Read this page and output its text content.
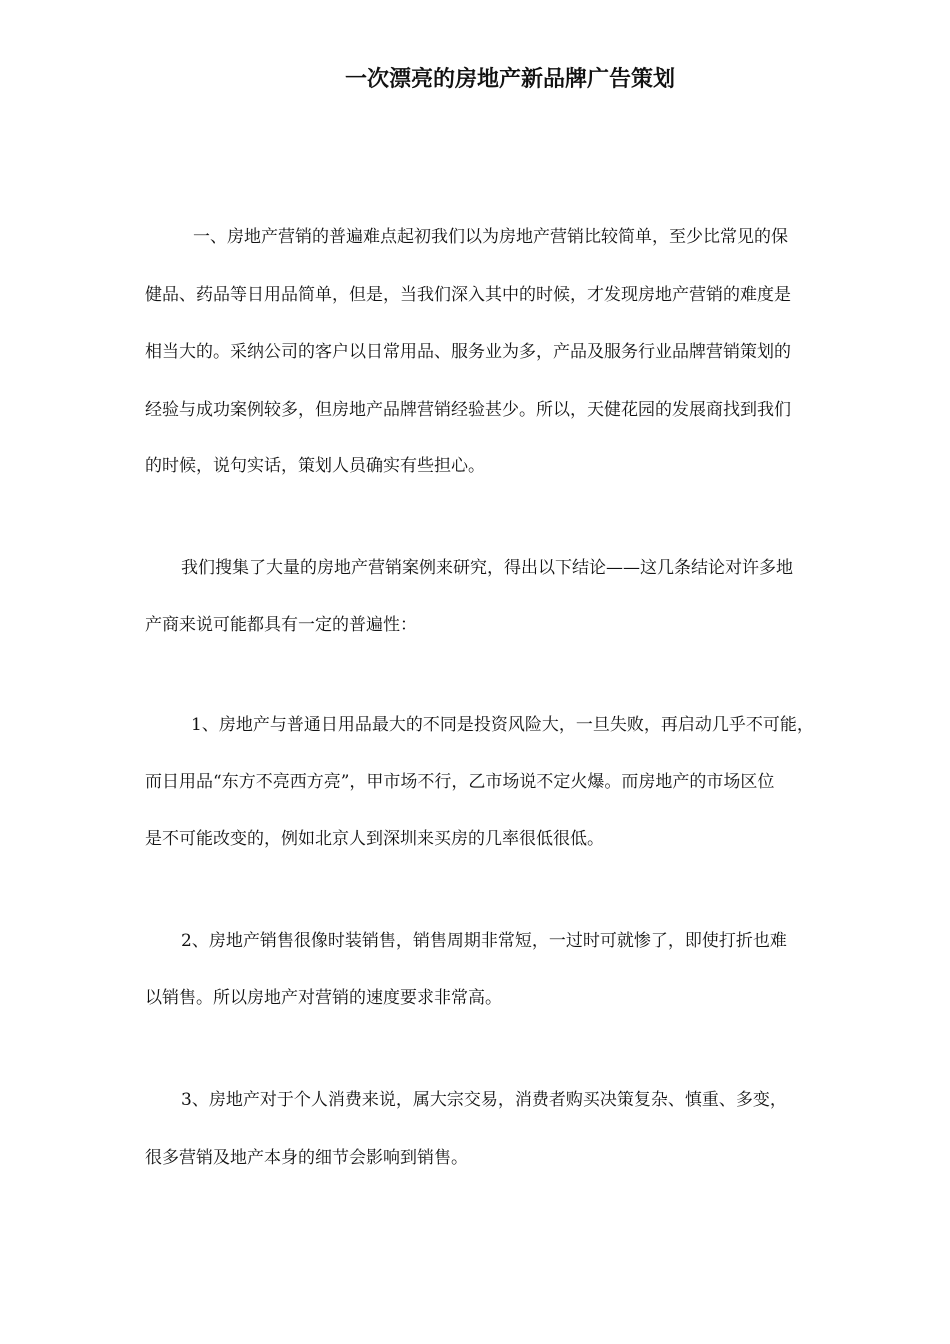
一次漂亮的房地产新品牌广告策划

一、房地产营销的普遍难点起初我们以为房地产营销比较简单，至少比常见的保

健品、药品等日用品简单，但是，当我们深入其中的时候，才发现房地产营销的难度是

相当大的。采纳公司的客户以日常用品、服务业为多，产品及服务行业品牌营销策划的

经验与成功案例较多，但房地产品牌营销经验甚少。所以，天健花园的发展商找到我们

的时候，说句实话，策划人员确实有些担心。

我们搜集了大量的房地产营销案例来研究，得出以下结论——这几条结论对许多地

产商来说可能都具有一定的普遍性：

1、房地产与普通日用品最大的不同是投资风险大，一旦失败，再启动几乎不可能，

而日用品“东方不亮西方亮”，甲市场不行，乙市场说不定火爆。而房地产的市场区位

是不可能改变的，例如北京人到深圳来买房的几率很低很低。

2、房地产销售很像时装销售，销售周期非常短，一过时可就惨了，即使打折也难

以销售。所以房地产对营销的速度要求非常高。

3、房地产对于个人消费来说，属大宗交易，消费者购买决策复杂、慎重、多变，

很多营销及地产本身的细节会影响到销售。
